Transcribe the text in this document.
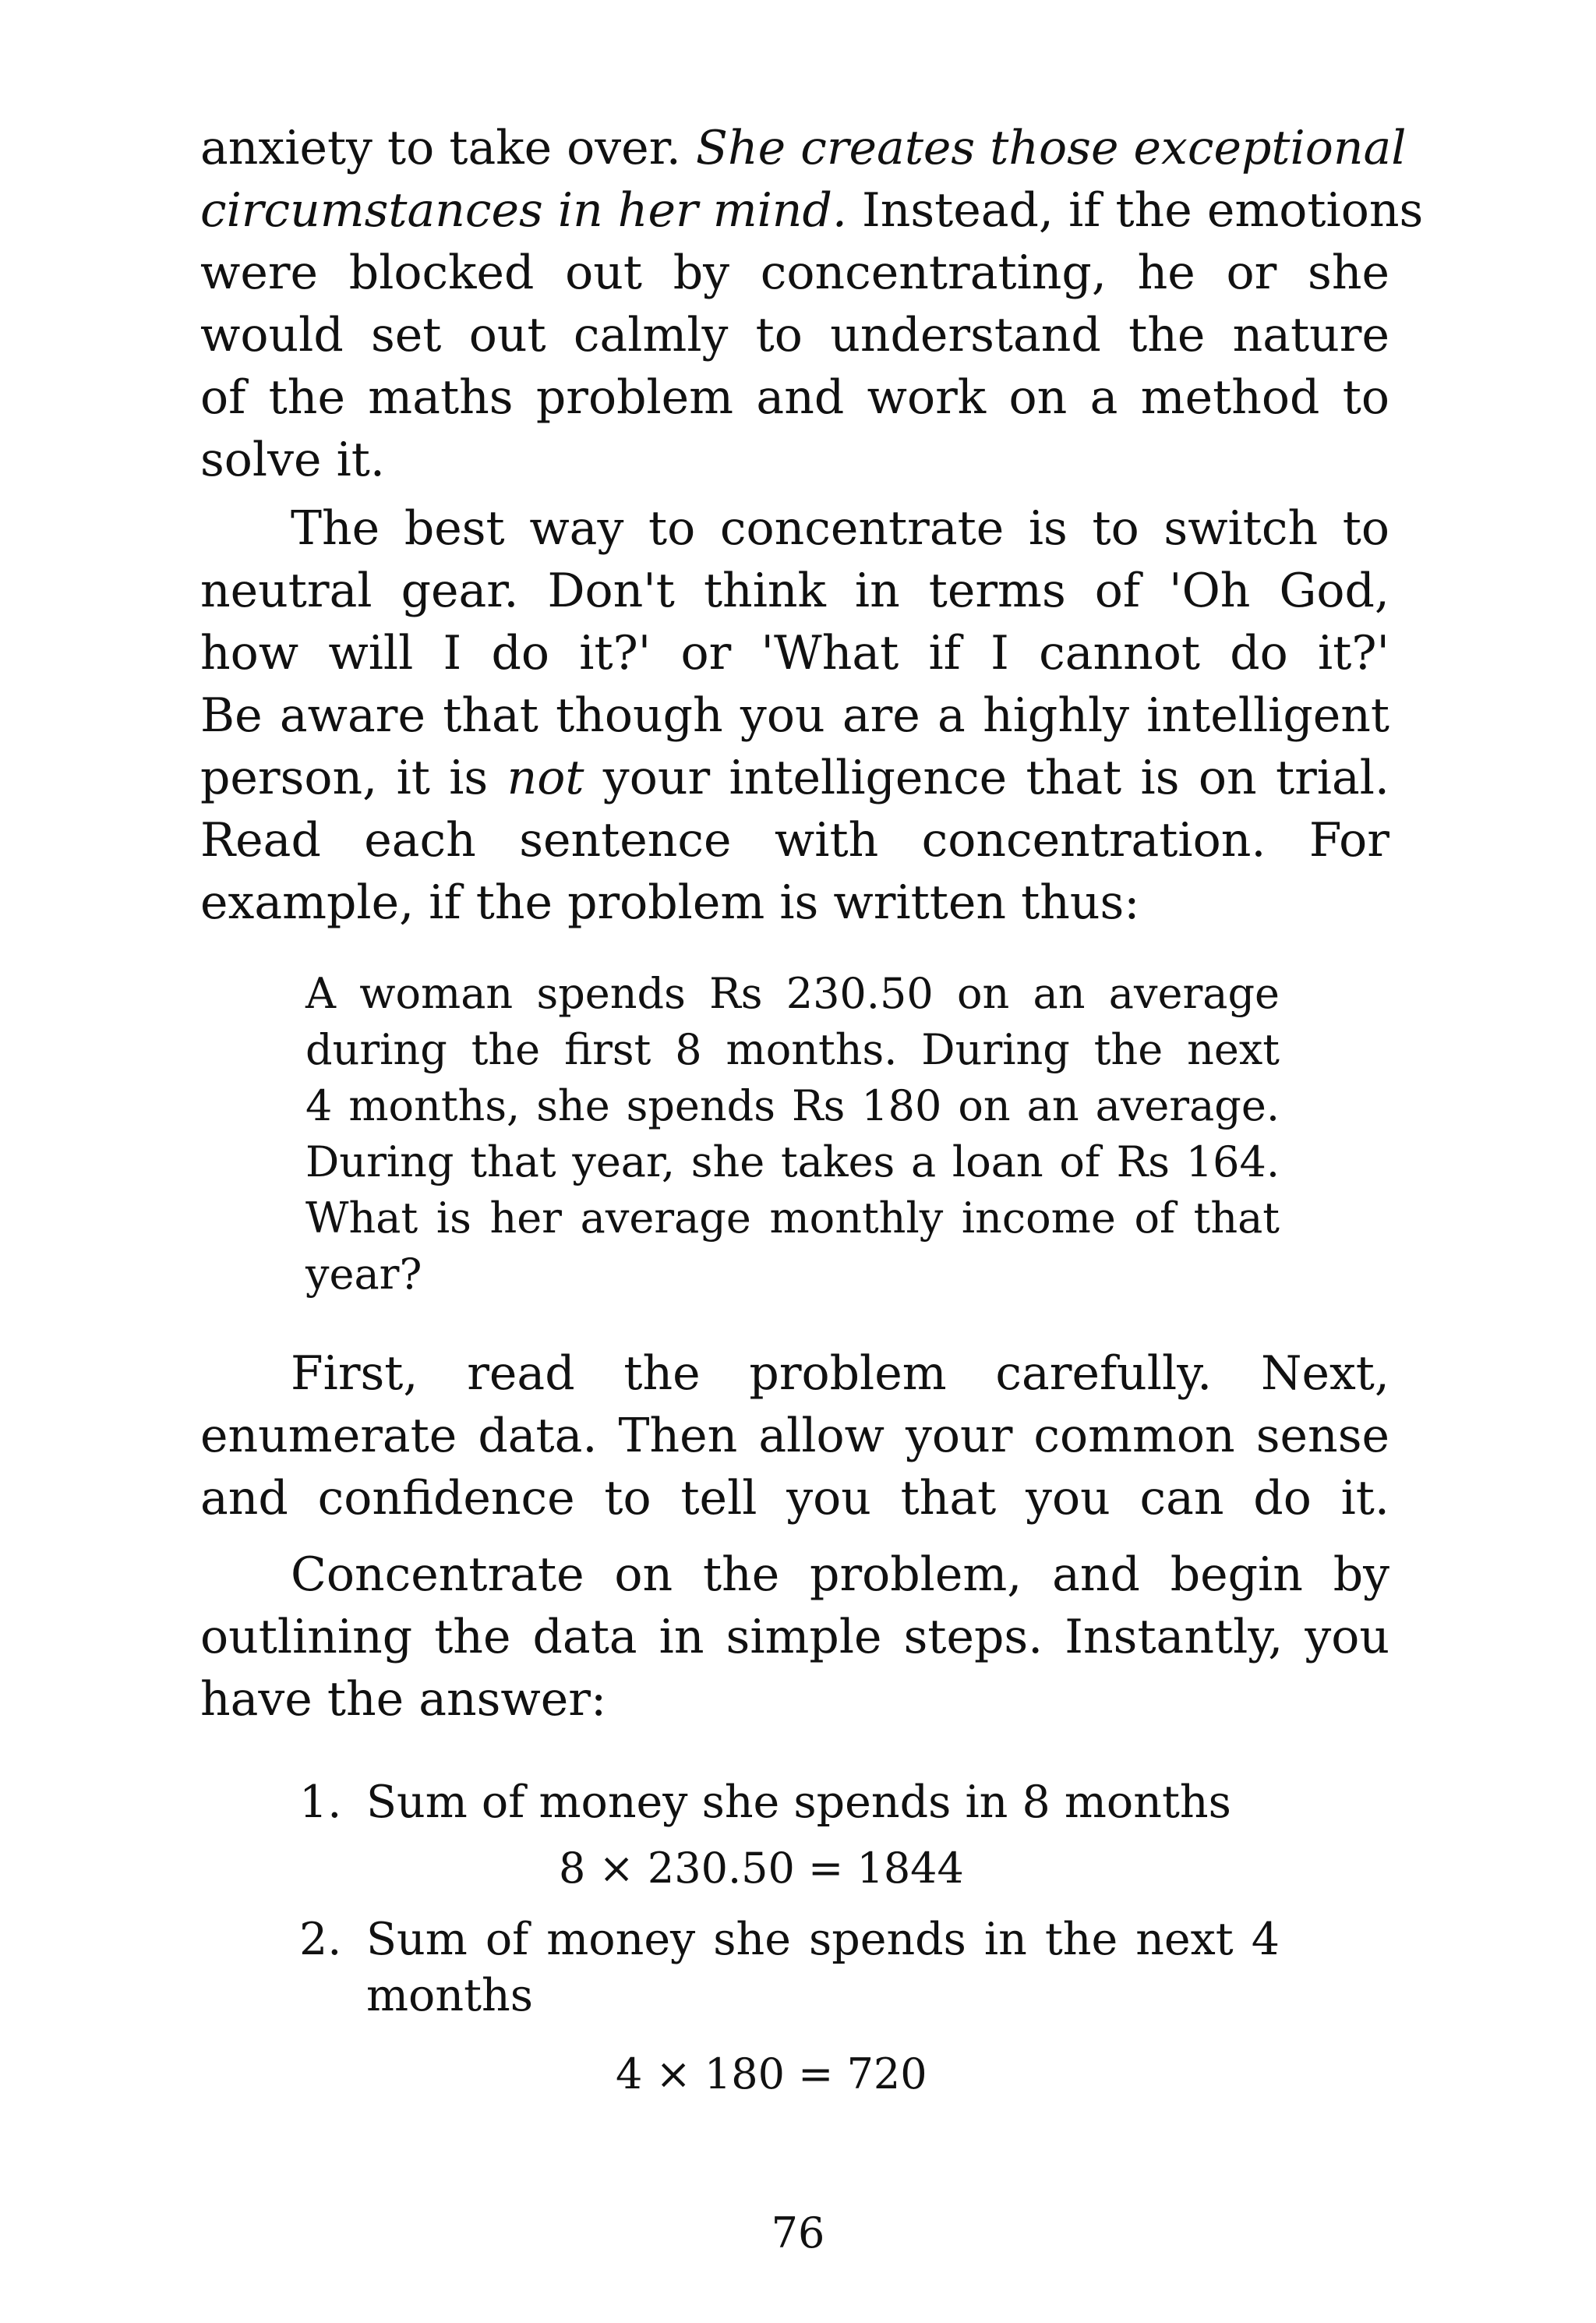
anxiety to take over. She creates those exceptional
circumstances in her mind. Instead, if the emotions
were blocked out by concentrating, he or she
would set out calmly to understand the nature
of the maths problem and work on a method to
solve it.
The best way to concentrate is to switch to
neutral gear. Don't think in terms of 'Oh God,
how will I do it?' or 'What if I cannot do it?'
Be aware that though you are a highly intelligent
person, it is not your intelligence that is on trial.
Read each sentence with concentration. For
example, if the problem is written thus:
A woman spends Rs 230.50 on an average
during the first 8 months. During the next
4 months, she spends Rs 180 on an average.
During that year, she takes a loan of Rs 164.
What is her average monthly income of that
year?
First, read the problem carefully. Next,
enumerate data. Then allow your common sense
and confidence to tell you that you can do it.
Concentrate on the problem, and begin by
outlining the data in simple steps. Instantly, you
have the answer:
1. Sum of money she spends in 8 months
8 × 230.50 = 1844
2. Sum of money she spends in the next 4
months
4 × 180 = 720
76
